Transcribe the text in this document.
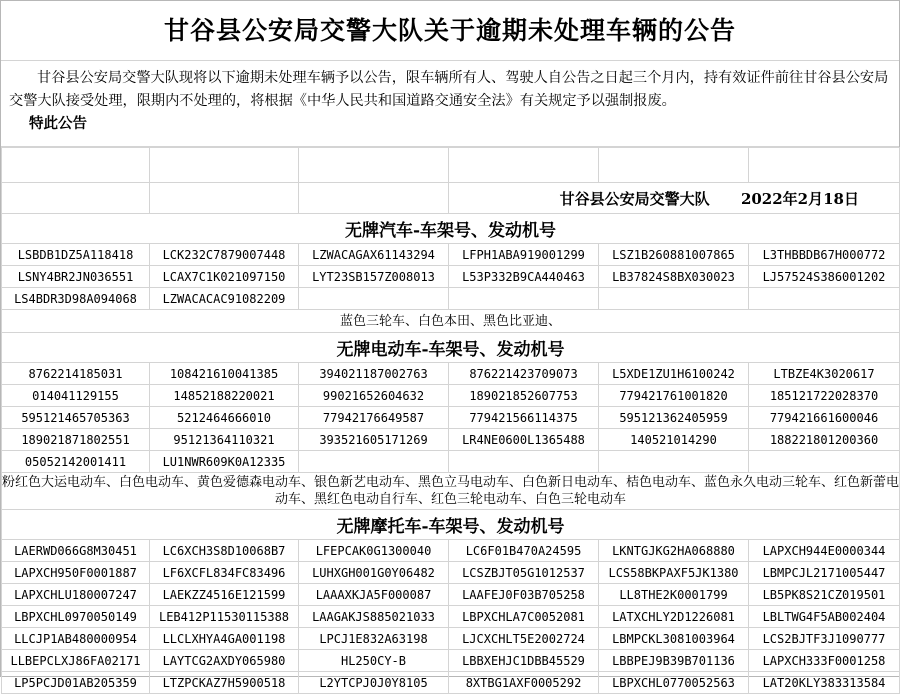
甘谷县公安局交警大队关于逾期未处理车辆的公告

甘谷县公安局交警大队现将以下逾期未处理车辆予以公告，限车辆所有人、驾驶人自公告之日起三个月内，持有效证件前往甘谷县公安局交警大队接受处理，限期内不处理的，将根据《中华人民共和国道路交通安全法》有关规定予以强制报废。

特此公告

			甘谷县公安局交警大队 2022年2月18日		
无牌汽车-车架号、发动机号					
LSBDB1DZ5A118418	LCK232C7879007448	LZWACAGAX61143294	LFPH1ABA919001299	LSZ1B260881007865	L3THBBDB67H000772
LSNY4BR2JN036551	LCAX7C1K021097150	LYT23SB157Z008013	L53P332B9CA440463	LB37824S8BX030023	LJ57524S386001202
LS4BDR3D98A094068	LZWACACAC91082209				
蓝色三轮车、白色本田、黑色比亚迪、					
无牌电动车-车架号、发动机号					
8762214185031	108421610041385	394021187002763	876221423709073	L5XDE1ZU1H6100242	LTBZE4K3020617
014041129155	14852188220021	99021652604632	189021852607753	779421761001820	185121722028370
595121465705363	5212464666010	77942176649587	779421566114375	595121362405959	779421661600046
189021871802551	95121364110321	393521605171269	LR4NE0600L1365488	140521014290	188221801200360
05052142001411	LU1NWR609K0A12335				
粉红色大运电动车、白色电动车、黄色爱德森电动车、银色新艺电动车、黑色立马电动车、白色新日电动车、桔色电动车、蓝色永久电动三轮车、红色新蕾电动车、黑红色电动自行车、红色三轮电动车、白色三轮电动车					
无牌摩托车-车架号、发动机号					
LAERWD066G8M30451	LC6XCH3S8D10068B7	LFEPCAK0G1300040	LC6F01B470A24595	LKNTGJKG2HA068880	LAPXCH944E0000344
LAPXCH950F0001887	LF6XCFL834FC83496	LUHXGH001G0Y06482	LCSZBJT05G1012537	LCS58BKPAXF5JK1380	LBMPCJL2171005447
LAPXCHLU180007247	LAEKZZ4516E121599	LAAAXKJA5F000087	LAAFEJ0F03B705258	LL8THE2K0001799	LB5PK8S21CZ019501
LBPXCHL0970050149	LEB412P11530115388	LAAGAKJS885021033	LBPXCHLA7C0052081	LATXCHLY2D1226081	LBLTWG4F5AB002404
LLCJP1AB480000954	LLCLXHYA4GA001198	LPCJ1E832A63198	LJCXCHLT5E2002724	LBMPCKL3081003964	LCS2BJTF3J1090777
LLBEPCLXJ86FA02171	LAYTCG2AXDY065980	HL250CY-B	LBBXEHJC1DBB45529	LBBPEJ9B39B701136	LAPXCH333F0001258
LP5PCJD01AB205359	LTZPCKAZ7H5900518	L2YTCPJ0J0Y8105	8XTBG1AXF0005292	LBPXCHL0770052563	LAT20KLY383313584
